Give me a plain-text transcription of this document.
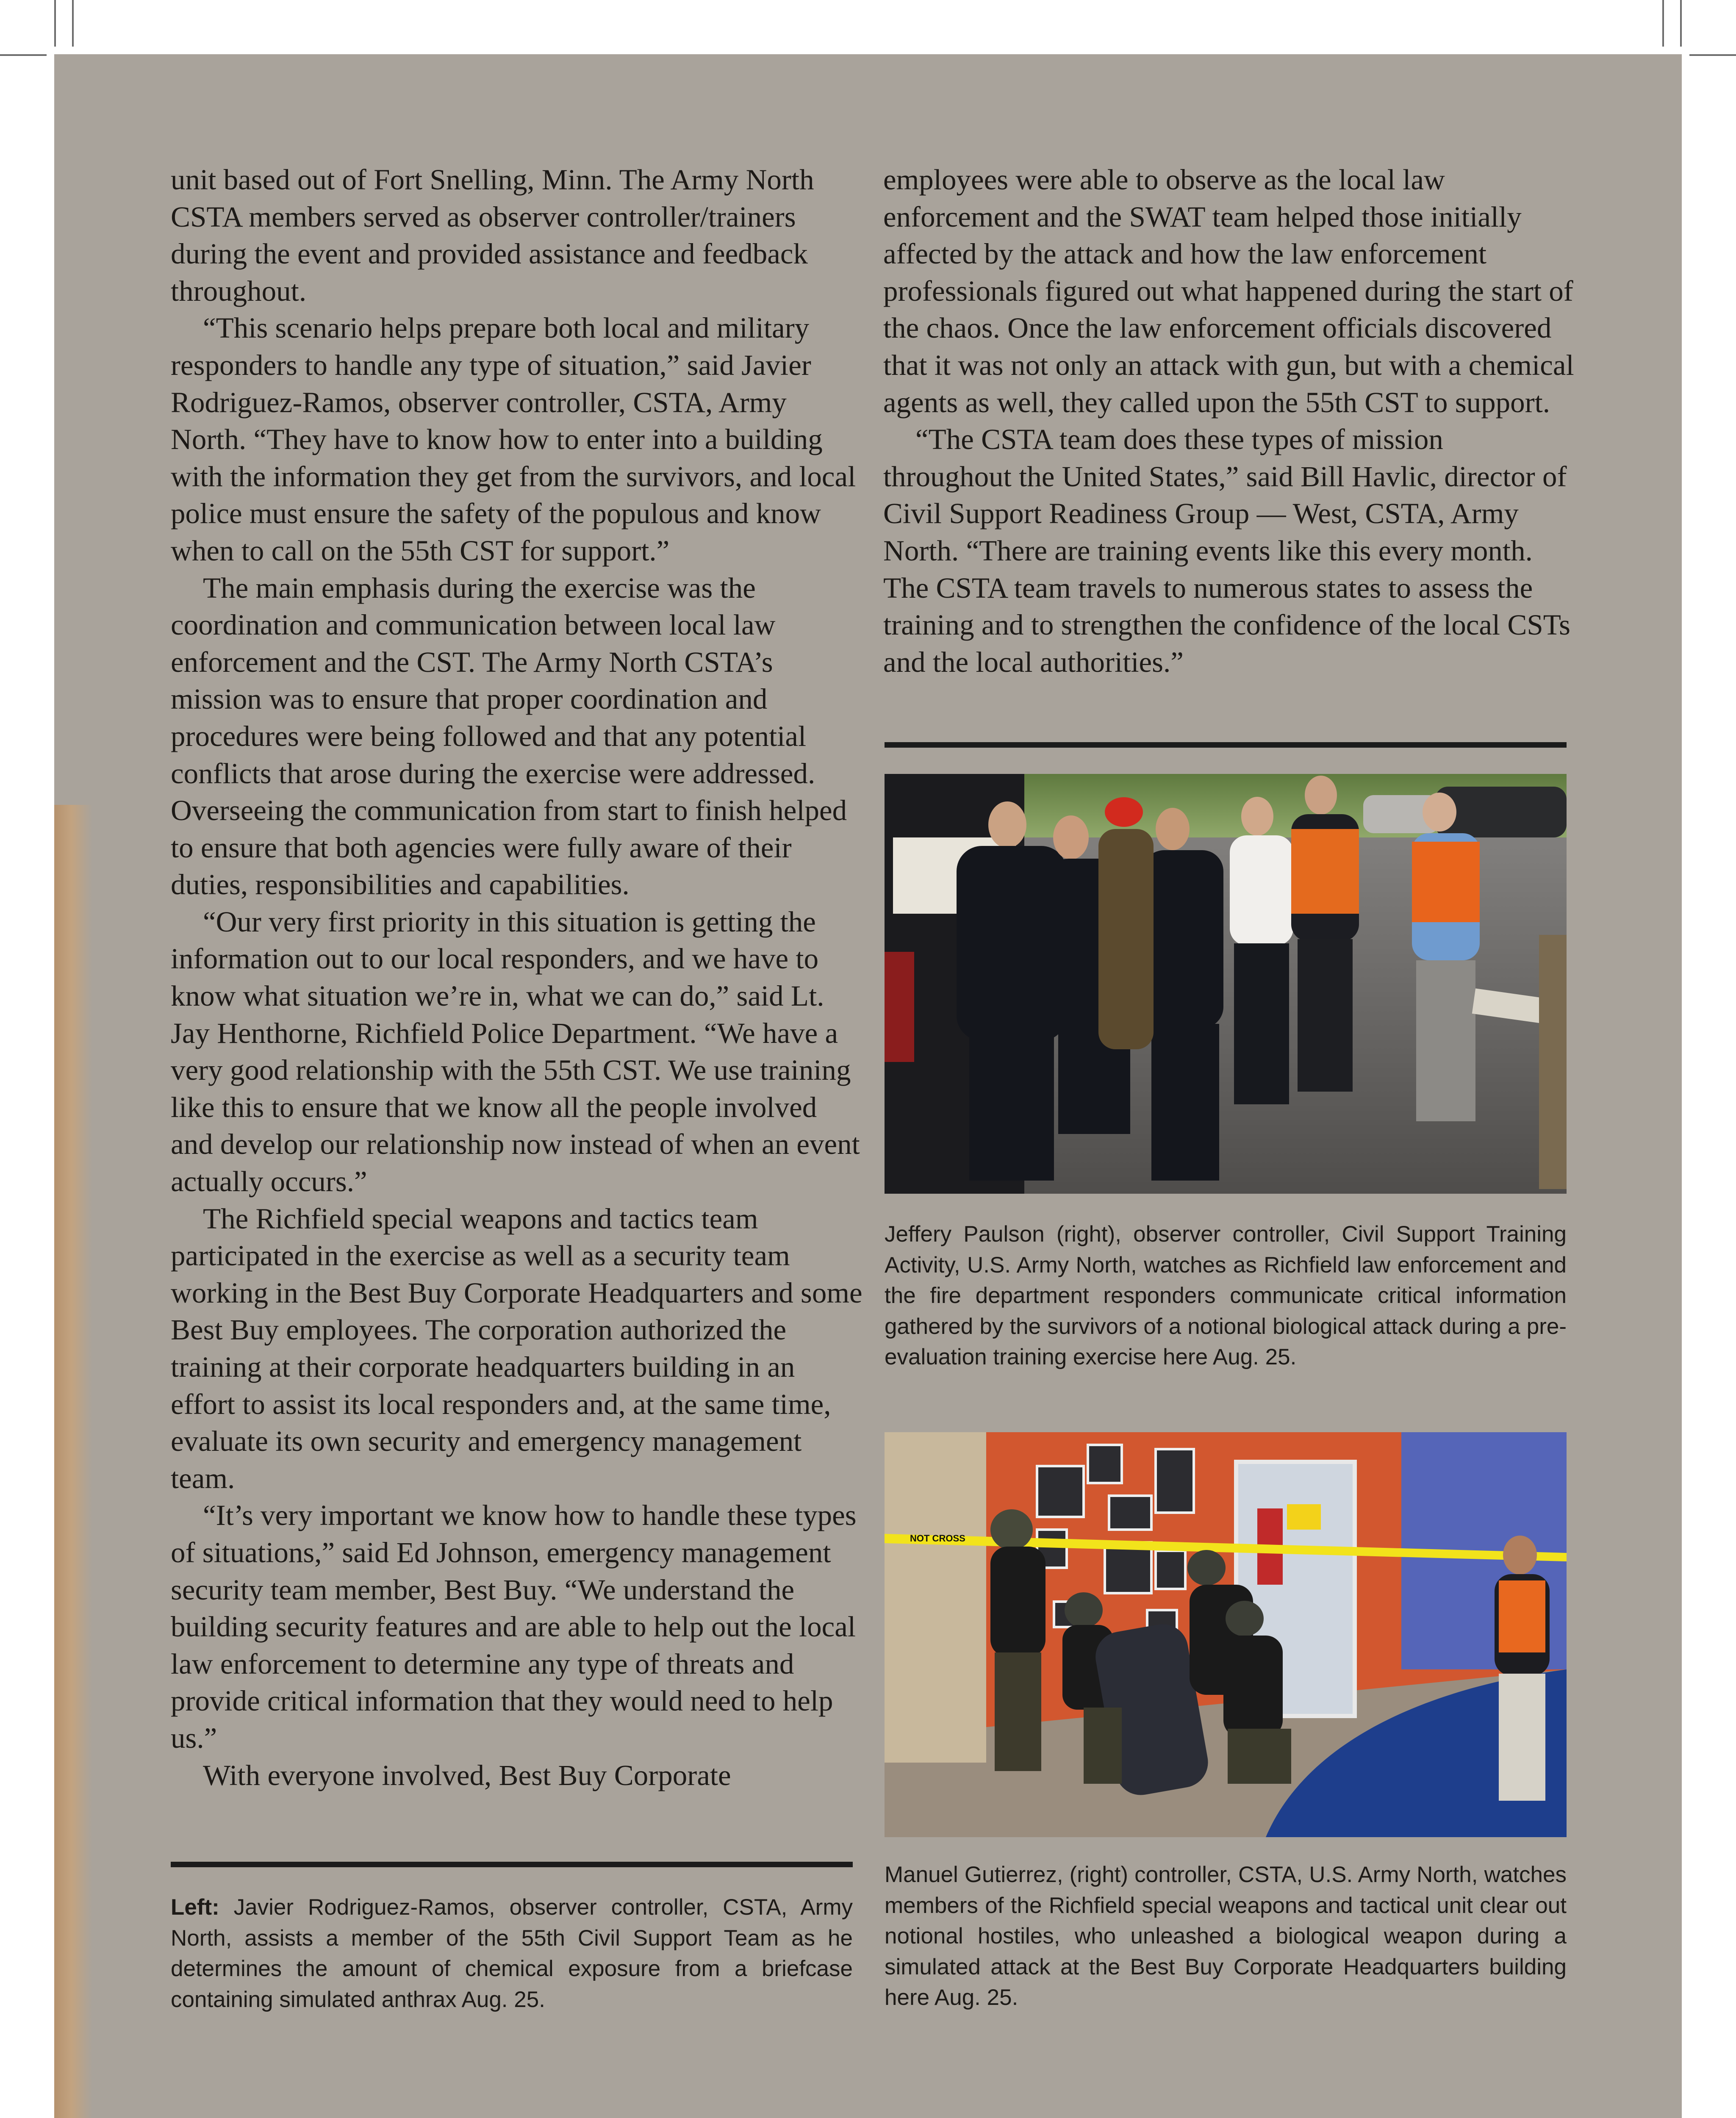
unit based out of Fort Snelling, Minn. The Army North CSTA members served as observer controller/trainers during the event and provided assistance and feedback throughout.

“This scenario helps prepare both local and military responders to handle any type of situation,” said Javier Rodriguez-Ramos, observer controller, CSTA, Army North. “They have to know how to enter into a building with the information they get from the survivors, and local police must ensure the safety of the populous and know when to call on the 55th CST for support.”

The main emphasis during the exercise was the coordination and communication between local law enforcement and the CST. The Army North CSTA’s mission was to ensure that proper coordination and procedures were being followed and that any potential conflicts that arose during the exercise were addressed. Overseeing the communication from start to finish helped to ensure that both agencies were fully aware of their duties, responsibilities and capabilities.

“Our very first priority in this situation is getting the information out to our local responders, and we have to know what situation we’re in, what we can do,” said Lt. Jay Henthorne, Richfield Police Department. “We have a very good relationship with the 55th CST. We use training like this to ensure that we know all the people involved and develop our relationship now instead of when an event actually occurs.”

The Richfield special weapons and tactics team participated in the exercise as well as a security team working in the Best Buy Corporate Headquarters and some Best Buy employees. The corporation authorized the training at their corporate headquarters building in an effort to assist its local responders and, at the same time, evaluate its own security and emergency management team.

“It’s very important we know how to handle these types of situations,” said Ed Johnson, emergency management security team member, Best Buy. “We understand the building security features and are able to help out the local law enforcement to determine any type of threats and provide critical information that they would need to help us.”

With everyone involved, Best Buy Corporate

employees were able to observe as the local law enforcement and the SWAT team helped those initially affected by the attack and how the law enforcement professionals figured out what happened during the start of the chaos. Once the law enforcement officials discovered that it was not only an attack with gun, but with a chemical agents as well, they called upon the 55th CST to support.

“The CSTA team does these types of mission throughout the United States,” said Bill Havlic, director of Civil Support Readiness Group — West, CSTA, Army North. “There are training events like this every month. The CSTA team travels to numerous states to assess the training and to strengthen the confidence of the local CSTs and the local authorities.”

Jeffery Paulson (right), observer controller, Civil Support Training Activity, U.S. Army North, watches as Richfield law enforcement and the fire department responders communicate critical information gathered by the survivors of a notional biological attack during a pre-evaluation training exercise here Aug. 25.
NOT CROSS
Manuel Gutierrez, (right) controller, CSTA, U.S. Army North, watches members of the Richfield special weapons and tactical unit clear out notional hostiles, who unleashed a biological weapon during a simulated attack at the Best Buy Corporate Headquarters building here Aug. 25.
Left: Javier Rodriguez-Ramos, observer controller, CSTA, Army North, assists a member of the 55th Civil Support Team as he determines the amount of chemical exposure from a briefcase containing simulated anthrax Aug. 25.
